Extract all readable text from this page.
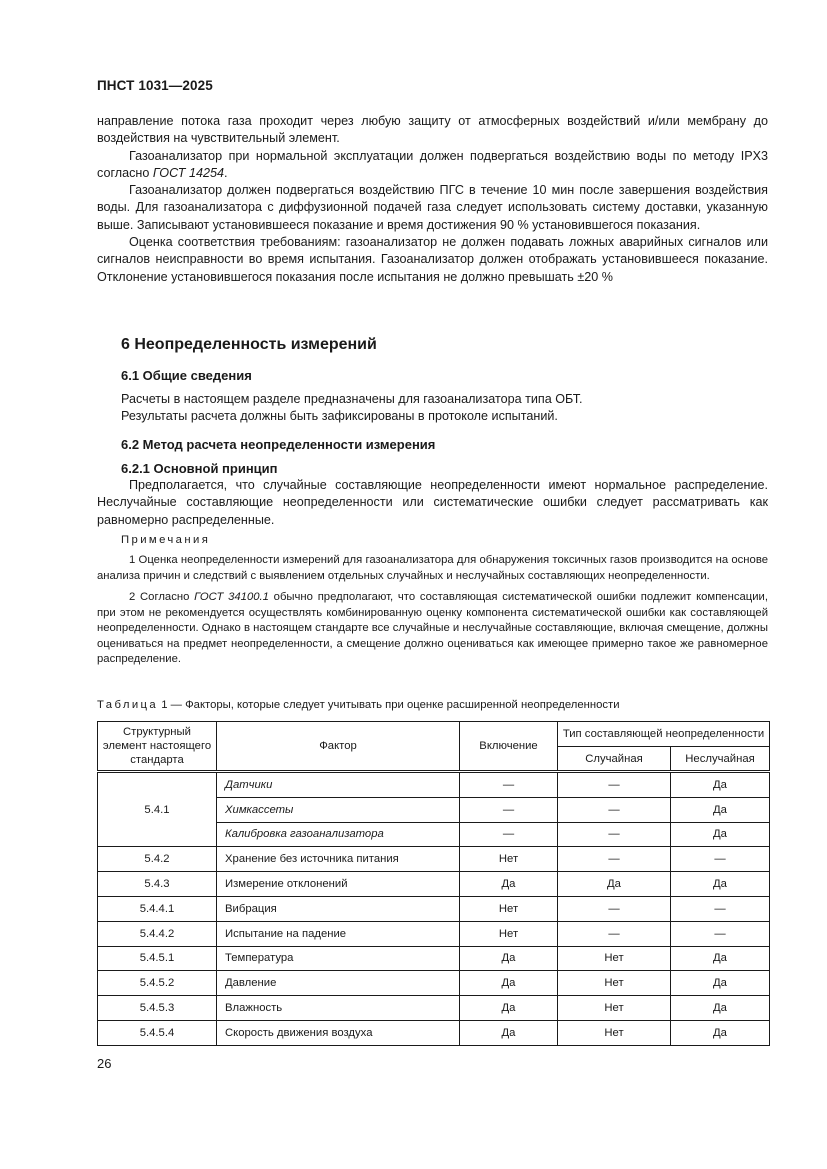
ПНСТ 1031—2025

направление потока газа проходит через любую защиту от атмосферных воздействий и/или мембрану до воздействия на чувствительный элемент.

Газоанализатор при нормальной эксплуатации должен подвергаться воздействию воды по методу IPX3 согласно ГОСТ 14254.

Газоанализатор должен подвергаться воздействию ПГС в течение 10 мин после завершения воздействия воды. Для газоанализатора с диффузионной подачей газа следует использовать систему доставки, указанную выше. Записывают установившееся показание и время достижения 90 % установившегося показания.

Оценка соответствия требованиям: газоанализатор не должен подавать ложных аварийных сигналов или сигналов неисправности во время испытания. Газоанализатор должен отображать установившееся показание. Отклонение установившегося показания после испытания не должно превышать ±20 %

6 Неопределенность измерений
6.1 Общие сведения
Расчеты в настоящем разделе предназначены для газоанализатора типа ОБТ.
Результаты расчета должны быть зафиксированы в протоколе испытаний.
6.2 Метод расчета неопределенности измерения
6.2.1 Основной принцип

Предполагается, что случайные составляющие неопределенности имеют нормальное распределение. Неслучайные составляющие неопределенности или систематические ошибки следует рассматривать как равномерно распределенные.

Примечания

1 Оценка неопределенности измерений для газоанализатора для обнаружения токсичных газов производится на основе анализа причин и следствий с выявлением отдельных случайных и неслучайных составляющих неопределенности.

2 Согласно ГОСТ 34100.1 обычно предполагают, что составляющая систематической ошибки подлежит компенсации, при этом не рекомендуется осуществлять комбинированную оценку компонента систематической ошибки как составляющей неопределенности. Однако в настоящем стандарте все случайные и неслучайные составляющие, включая смещение, должны оцениваться на предмет неопределенности, а смещение должно оцениваться как имеющее примерно такое же равномерное распределение.

Таблица 1 — Факторы, которые следует учитывать при оценке расширенной неопределенности
Структурный элемент настоящего стандарта	Фактор	Включение	Тип составляющей неопределенности	
			Случайная	Неслучайная
5.4.1	Датчики	—	—	Да
	Химкассеты	—	—	Да
	Калибровка газоанализатора	—	—	Да
5.4.2	Хранение без источника питания	Нет	—	—
5.4.3	Измерение отклонений	Да	Да	Да
5.4.4.1	Вибрация	Нет	—	—
5.4.4.2	Испытание на падение	Нет	—	—
5.4.5.1	Температура	Да	Нет	Да
5.4.5.2	Давление	Да	Нет	Да
5.4.5.3	Влажность	Да	Нет	Да
5.4.5.4	Скорость движения воздуха	Да	Нет	Да
26
